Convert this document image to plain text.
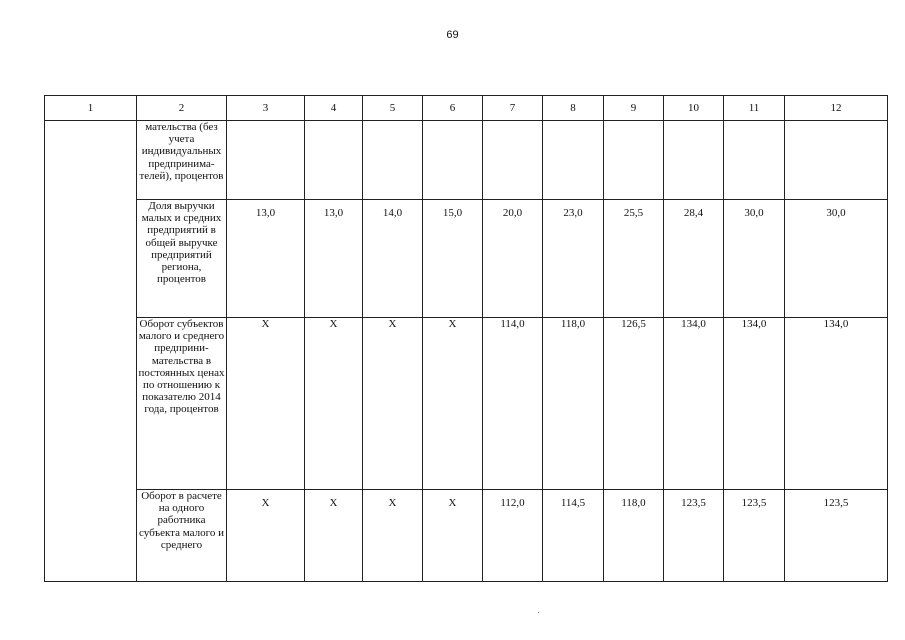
69
1	2	3	4	5	6	7	8	9	10	11	12
	мательства (без учета индивидуальных предпринима-телей), процентов										
	Доля выручки малых и средних предприятий в общей выручке предприятий региона, процентов	13,0	13,0	14,0	15,0	20,0	23,0	25,5	28,4	30,0	30,0
	Оборот субъектов малого и среднего предприни-мательства в постоянных ценах по отношению к показателю 2014 года, процентов	X	X	X	X	114,0	118,0	126,5	134,0	134,0	134,0
	Оборот в расчете на одного работника субъекта малого и среднего	X	X	X	X	112,0	114,5	118,0	123,5	123,5	123,5
